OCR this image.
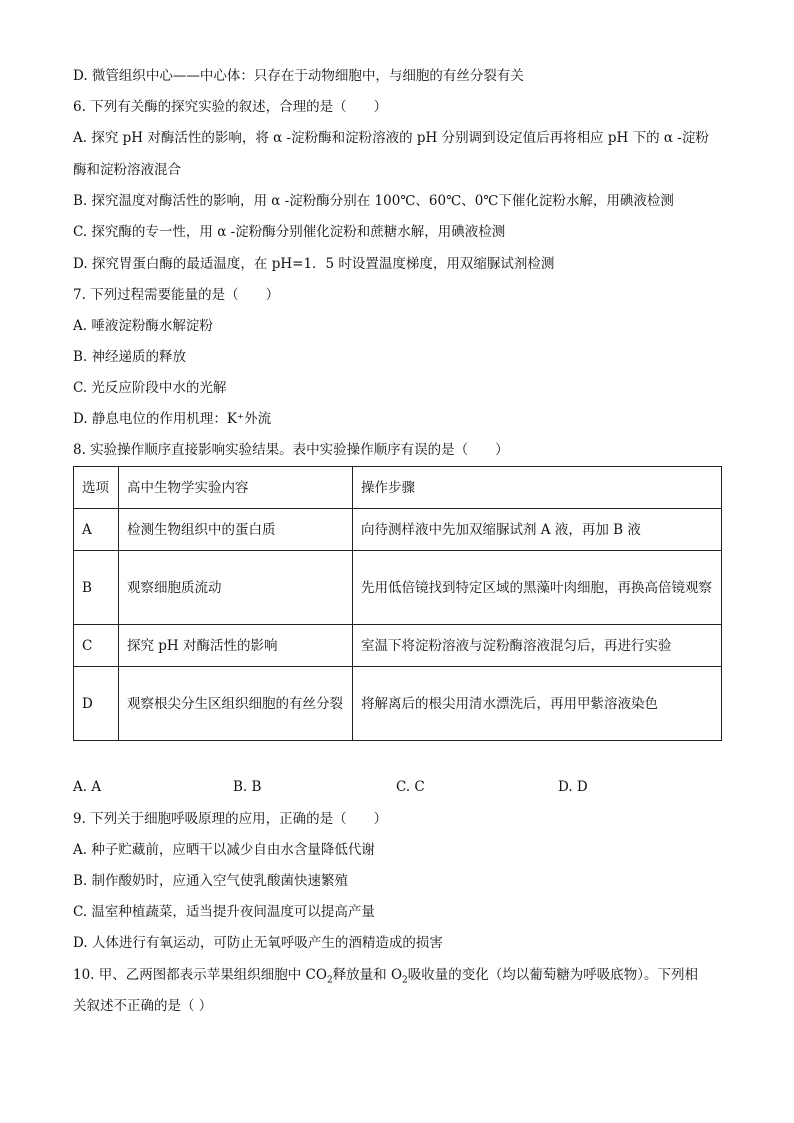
D. 微管组织中心——中心体：只存在于动物细胞中，与细胞的有丝分裂有关
6. 下列有关酶的探究实验的叙述，合理的是（　　）
A. 探究 pH 对酶活性的影响，将 α -淀粉酶和淀粉溶液的 pH 分别调到设定值后再将相应 pH 下的 α -淀粉
酶和淀粉溶液混合
B. 探究温度对酶活性的影响，用 α -淀粉酶分别在 100℃、60℃、0℃下催化淀粉水解，用碘液检测
C. 探究酶的专一性，用 α -淀粉酶分别催化淀粉和蔗糖水解，用碘液检测
D. 探究胃蛋白酶的最适温度，在 pH=1．5 时设置温度梯度，用双缩脲试剂检测
7. 下列过程需要能量的是（　　）
A. 唾液淀粉酶水解淀粉
B. 神经递质的释放
C. 光反应阶段中水的光解
D. 静息电位的作用机理：K⁺外流
8. 实验操作顺序直接影响实验结果。表中实验操作顺序有误的是（　　）
选项	高中生物学实验内容	操作步骤
A	检测生物组织中的蛋白质	向待测样液中先加双缩脲试剂 A 液，再加 B 液
B	观察细胞质流动	先用低倍镜找到特定区域的黑藻叶肉细胞，再换高倍镜观察
C	探究 pH 对酶活性的影响	室温下将淀粉溶液与淀粉酶溶液混匀后，再进行实验
D	观察根尖分生区组织细胞的有丝分裂	将解离后的根尖用清水漂洗后，再用甲紫溶液染色
A. A	B. B	C. C	D. D
9. 下列关于细胞呼吸原理的应用，正确的是（　　）
A. 种子贮藏前，应晒干以减少自由水含量降低代谢
B. 制作酸奶时，应通入空气使乳酸菌快速繁殖
C. 温室种植蔬菜，适当提升夜间温度可以提高产量
D. 人体进行有氧运动，可防止无氧呼吸产生的酒精造成的损害
10. 甲、乙两图都表示苹果组织细胞中 $CO_2$释放量和 $O_2$吸收量的变化（均以葡萄糖为呼吸底物）。下列相
关叙述不正确的是（ ）
